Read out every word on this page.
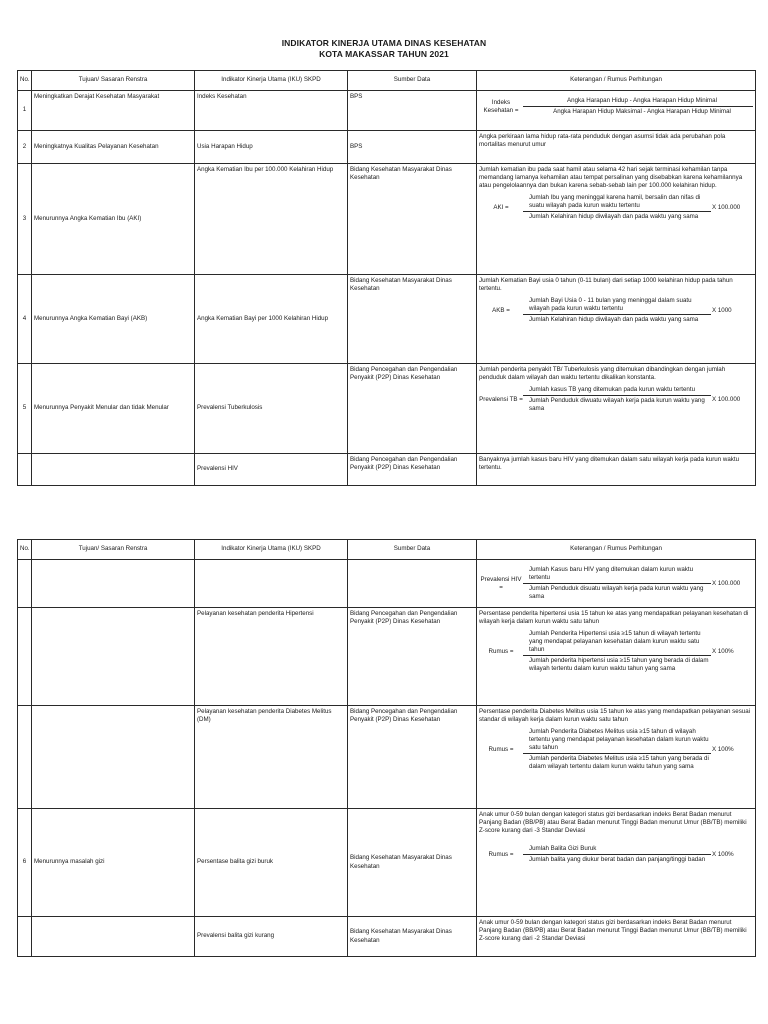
INDIKATOR KINERJA UTAMA DINAS KESEHATAN
KOTA MAKASSAR TAHUN 2021
No.	Tujuan/ Sasaran Renstra	Indikator Kinerja Utama (IKU) SKPD	Sumber Data	Keterangan / Rumus Perhitungan
1	Meningkatkan Derajat Kesehatan Masyarakat	Indeks Kesehatan	BPS	Indeks Kesehatan =
Angka Harapan Hidup - Angka Harapan Hidup Minimal
Angka Harapan Hidup Maksimal - Angka Harapan Hidup Minimal

2	Meningkatnya Kualitas Pelayanan Kesehatan	Usia Harapan Hidup	BPS	Angka perkiraan lama hidup rata-rata penduduk dengan asumsi tidak ada perubahan pola mortalitas menurut umur
3	Menurunnya Angka Kematian Ibu (AKI)	Angka Kematian Ibu per 100.000 Kelahiran Hidup	Bidang Kesehatan Masyarakat Dinas Kesehatan	Jumlah kematian ibu pada saat hamil atau selama 42 hari sejak terminasi kehamilan tanpa memandang lamanya kehamilan atau tempat persalinan yang disebabkan karena kehamilannya atau pengelolaannya dan bukan karena sebab-sebab lain per 100.000 kelahiran hidup.
AKI =
Jumlah Ibu yang meninggal karena hamil, bersalin dan nifas di suatu wilayah pada kurun waktu tertentu
Jumlah Kelahiran hidup diwilayah dan pada waktu yang sama
X 100.000

4	Menurunnya Angka Kematian Bayi (AKB)	Angka Kematian Bayi per 1000 Kelahiran Hidup	Bidang Kesehatan Masyarakat Dinas Kesehatan	Jumlah Kematian Bayi usia 0 tahun (0-11 bulan) dari setiap 1000 kelahiran hidup pada tahun tertentu.
AKB =
Jumlah Bayi Usia 0 - 11 bulan yang meninggal dalam suatu wilayah pada kurun waktu tertentu
Jumlah Kelahiran hidup diwilayah dan pada waktu yang sama
X 1000

5	Menurunnya Penyakit Menular dan tidak Menular	Prevalensi Tuberkulosis	Bidang Pencegahan dan Pengendalian Penyakit (P2P) Dinas Kesehatan	Jumlah penderita penyakit TB/ Tuberkulosis yang ditemukan dibandingkan dengan jumlah penduduk dalam wilayah dan waktu tertentu dikalikan konstanta.
Prevalensi TB =
Jumlah kasus TB yang ditemukan pada kurun waktu tertentu
Jumlah Penduduk diwuatu wilayah kerja pada kurun waktu yang sama
X 100.000

		Prevalensi HIV	Bidang Pencegahan dan Pengendalian Penyakit (P2P) Dinas Kesehatan	Banyaknya jumlah kasus baru HIV yang ditemukan dalam satu wilayah kerja pada kurun waktu tertentu.
No.	Tujuan/ Sasaran Renstra	Indikator Kinerja Utama (IKU) SKPD	Sumber Data	Keterangan / Rumus Perhitungan

				Prevalensi HIV =
Jumlah Kasus baru HIV yang ditemukan dalam kurun waktu tertentu
Jumlah Penduduk disuatu wilayah kerja pada kurun waktu yang sama
X 100.000

		Pelayanan kesehatan penderita Hipertensi	Bidang Pencegahan dan Pengendalian Penyakit (P2P) Dinas Kesehatan	Persentase penderita hipertensi usia 15 tahun ke atas yang mendapatkan pelayanan kesehatan di wilayah kerja dalam kurun waktu satu tahun
Rumus =
Jumlah Penderita Hipertensi usia ≥15 tahun di wilayah tertentu yang mendapat pelayanan kesehatan dalam kurun waktu satu tahun
Jumlah penderita hipertensi usia ≥15 tahun yang berada di dalam wilayah tertentu dalam kurun waktu tahun yang sama
X 100%

		Pelayanan kesehatan penderita Diabetes Melitus (DM)	Bidang Pencegahan dan Pengendalian Penyakit (P2P) Dinas Kesehatan	Persentase penderita Diabetes Melitus usia 15 tahun ke atas yang mendapatkan pelayanan sesuai standar di wilayah kerja dalam kurun waktu satu tahun
Rumus =
Jumlah Penderita Diabetes Melitus usia ≥15 tahun di wilayah tertentu yang mendapat pelayanan kesehatan dalam kurun waktu satu tahun
Jumlah penderita Diabetes Melitus usia ≥15 tahun yang berada di dalam wilayah tertentu dalam kurun waktu tahun yang sama
X 100%

6	Menurunnya masalah gizi	Persentase balita gizi buruk	Bidang Kesehatan Masyarakat Dinas Kesehatan	Anak umur 0-59 bulan dengan kategori status gizi berdasarkan indeks Berat Badan menurut Panjang Badan (BB/PB) atau Berat Badan menurut Tinggi Badan menurut Umur (BB/TB) memiliki Z-score kurang dari -3 Standar Deviasi
Rumus =
Jumlah Balita Gizi Buruk
Jumlah balita yang diukur berat badan dan panjang/tinggi badan
X 100%

		Prevalensi balita gizi kurang	Bidang Kesehatan Masyarakat Dinas Kesehatan	Anak umur 0-59 bulan dengan kategori status gizi berdasarkan indeks Berat Badan menurut Panjang Badan (BB/PB) atau Berat Badan menurut Tinggi Badan menurut Umur (BB/TB) memiliki Z-score kurang dari -2 Standar Deviasi
